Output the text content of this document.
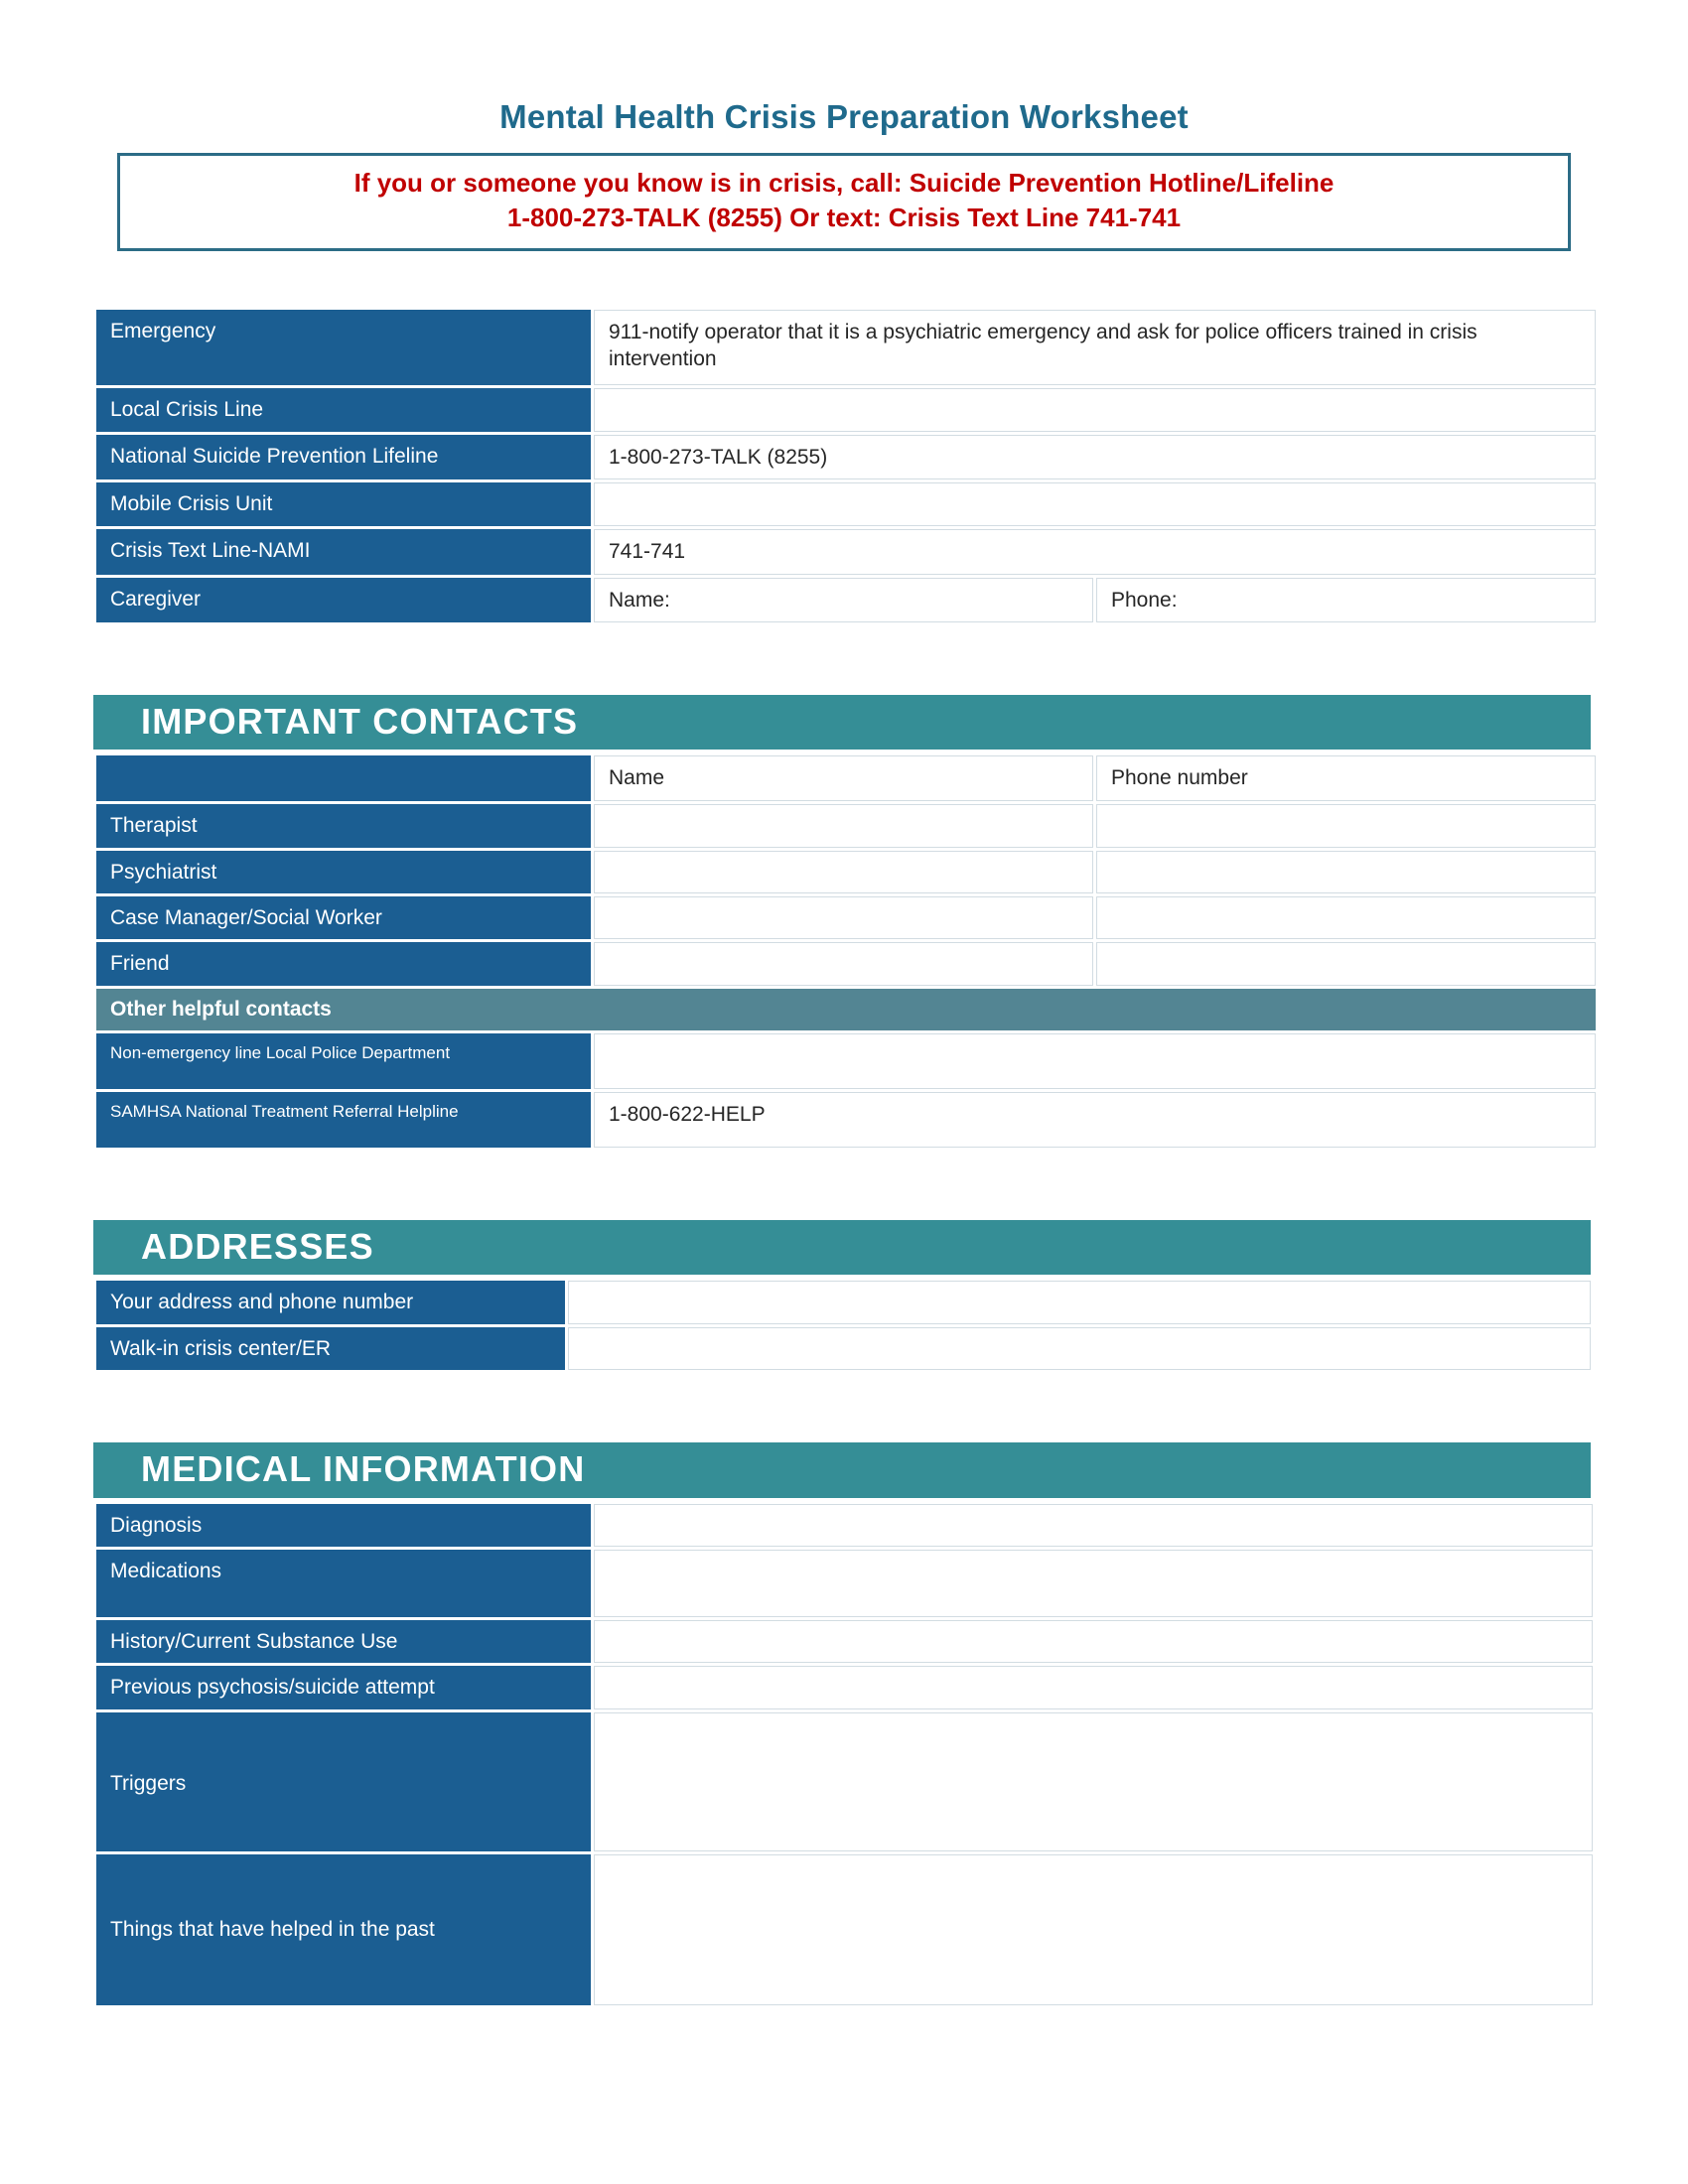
Mental Health Crisis Preparation Worksheet
If you or someone you know is in crisis, call: Suicide Prevention Hotline/Lifeline
1-800-273-TALK (8255) Or text: Crisis Text Line 741-741
Emergency	911-notify operator that it is a psychiatric emergency and ask for police officers trained in crisis intervention	
Local Crisis Line		
National Suicide Prevention Lifeline	1-800-273-TALK (8255)	
Mobile Crisis Unit		
Crisis Text Line-NAMI	741-741	
Caregiver	Name:	Phone:
IMPORTANT CONTACTS
	Name	Phone number
Therapist		
Psychiatrist		
Case Manager/Social Worker		
Friend		
Other helpful contacts		
Non-emergency line Local Police Department		
SAMHSA National Treatment Referral Helpline	1-800-622-HELP	
ADDRESSES
Your address and phone number	
Walk-in crisis center/ER	
MEDICAL INFORMATION
Diagnosis	
Medications	
History/Current Substance Use	
Previous psychosis/suicide attempt	
Triggers	
Things that have helped in the past	
